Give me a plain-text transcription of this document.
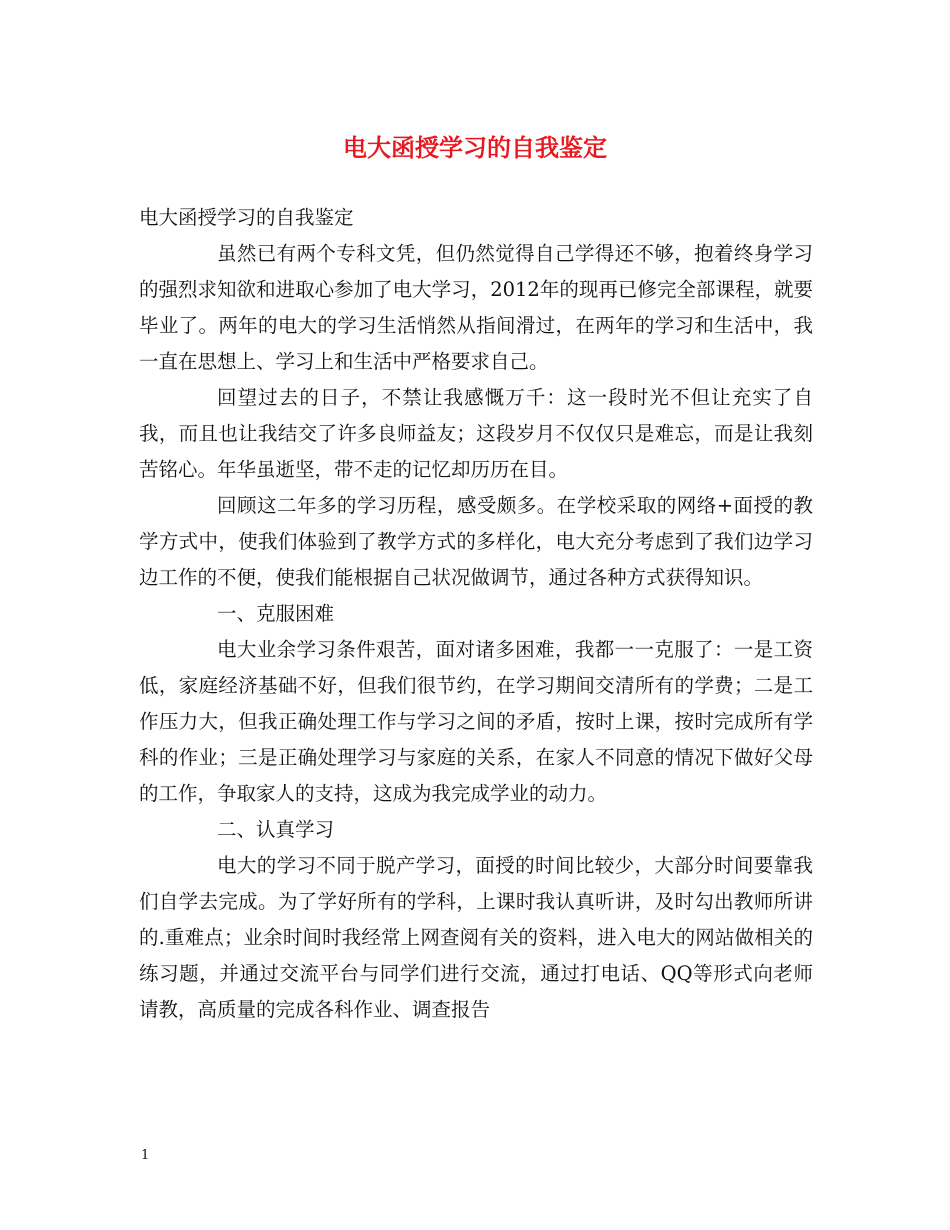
电大函授学习的自我鉴定

电大函授学习的自我鉴定

虽然已有两个专科文凭，但仍然觉得自己学得还不够，抱着终身学习的强烈求知欲和进取心参加了电大学习，2012年的现再已修完全部课程，就要毕业了。两年的电大的学习生活悄然从指间滑过，在两年的学习和生活中，我一直在思想上、学习上和生活中严格要求自己。

回望过去的日子，不禁让我感慨万千：这一段时光不但让充实了自我，而且也让我结交了许多良师益友；这段岁月不仅仅只是难忘，而是让我刻苦铭心。年华虽逝坚，带不走的记忆却历历在目。

回顾这二年多的学习历程，感受颇多。在学校采取的网络+面授的教学方式中，使我们体验到了教学方式的多样化，电大充分考虑到了我们边学习边工作的不便，使我们能根据自己状况做调节，通过各种方式获得知识。

一、克服困难

电大业余学习条件艰苦，面对诸多困难，我都一一克服了：一是工资低，家庭经济基础不好，但我们很节约，在学习期间交清所有的学费；二是工作压力大，但我正确处理工作与学习之间的矛盾，按时上课，按时完成所有学科的作业；三是正确处理学习与家庭的关系，在家人不同意的情况下做好父母的工作，争取家人的支持，这成为我完成学业的动力。

二、认真学习

电大的学习不同于脱产学习，面授的时间比较少，大部分时间要靠我们自学去完成。为了学好所有的学科，上课时我认真听讲，及时勾出教师所讲的.重难点；业余时间时我经常上网查阅有关的资料，进入电大的网站做相关的练习题，并通过交流平台与同学们进行交流，通过打电话、QQ等形式向老师请教，高质量的完成各科作业、调查报告

1
